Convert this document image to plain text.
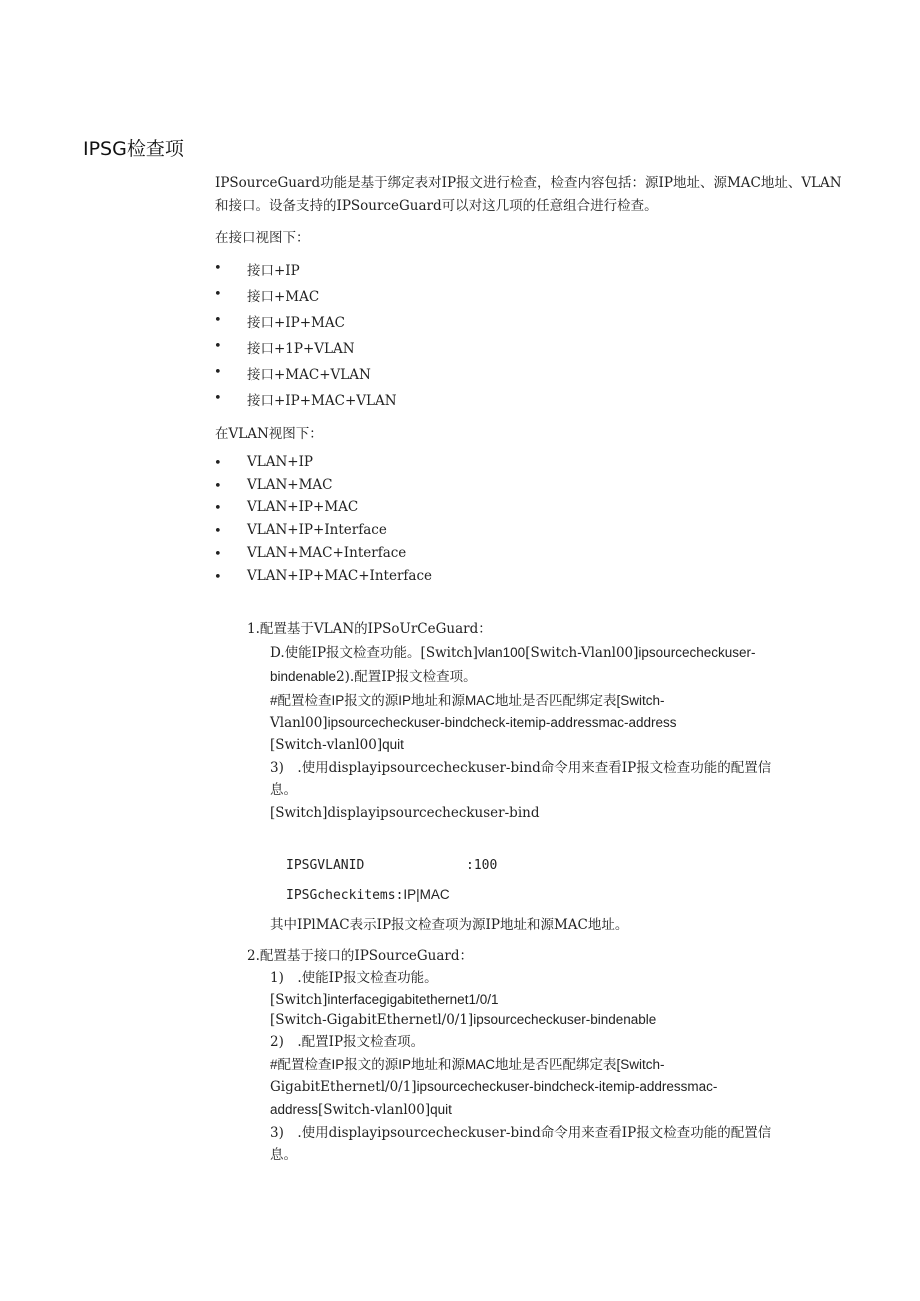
IPSG检查项
IPSourceGuard功能是基于绑定表对IP报文进行检查，检查内容包括：源IP地址、源MAC地址、VLAN
和接口。设备支持的IPSourceGuard可以对这几项的任意组合进行检查。
在接口视图下：
• 接口+IP
• 接口+MAC
• 接口+IP+MAC
• 接口+1P+VLAN
• 接口+MAC+VLAN
• 接口+IP+MAC+VLAN
在VLAN视图下：
• VLAN+IP
• VLAN+MAC
• VLAN+IP+MAC
• VLAN+IP+Interface
• VLAN+MAC+Interface
• VLAN+IP+MAC+Interface
1.配置基于VLAN的IPSoUrCeGuard：
D.使能IP报文检查功能。[Switch]vlan100[Switch-Vlanl00]ipsourcecheckuser-
bindenable2).配置IP报文检查项。
#配置检查IP报文的源IP地址和源MAC地址是否匹配绑定表[Switch-
Vlanl00]ipsourcecheckuser-bindcheck-itemip-addressmac-address
[Switch-vlanl00]quit
3)　.使用displayipsourcecheckuser-bind命令用来查看IP报文检查功能的配置信
息。
[Switch]displayipsourcecheckuser-bind
IPSGVLANID	:100
IPSGcheckitems:IP|MAC
其中IPlMAC表示IP报文检查项为源IP地址和源MAC地址。
2.配置基于接口的IPSourceGuard：
1)　.使能IP报文检查功能。
[Switch]interfacegigabitethernet1/0/1
[Switch-GigabitEthernetl/0/1]ipsourcecheckuser-bindenable
2)　.配置IP报文检查项。
#配置检查IP报文的源IP地址和源MAC地址是否匹配绑定表[Switch-
GigabitEthernetl/0/1]ipsourcecheckuser-bindcheck-itemip-addressmac-
address[Switch-vlanl00]quit
3)　.使用displayipsourcecheckuser-bind命令用来查看IP报文检查功能的配置信
息。
